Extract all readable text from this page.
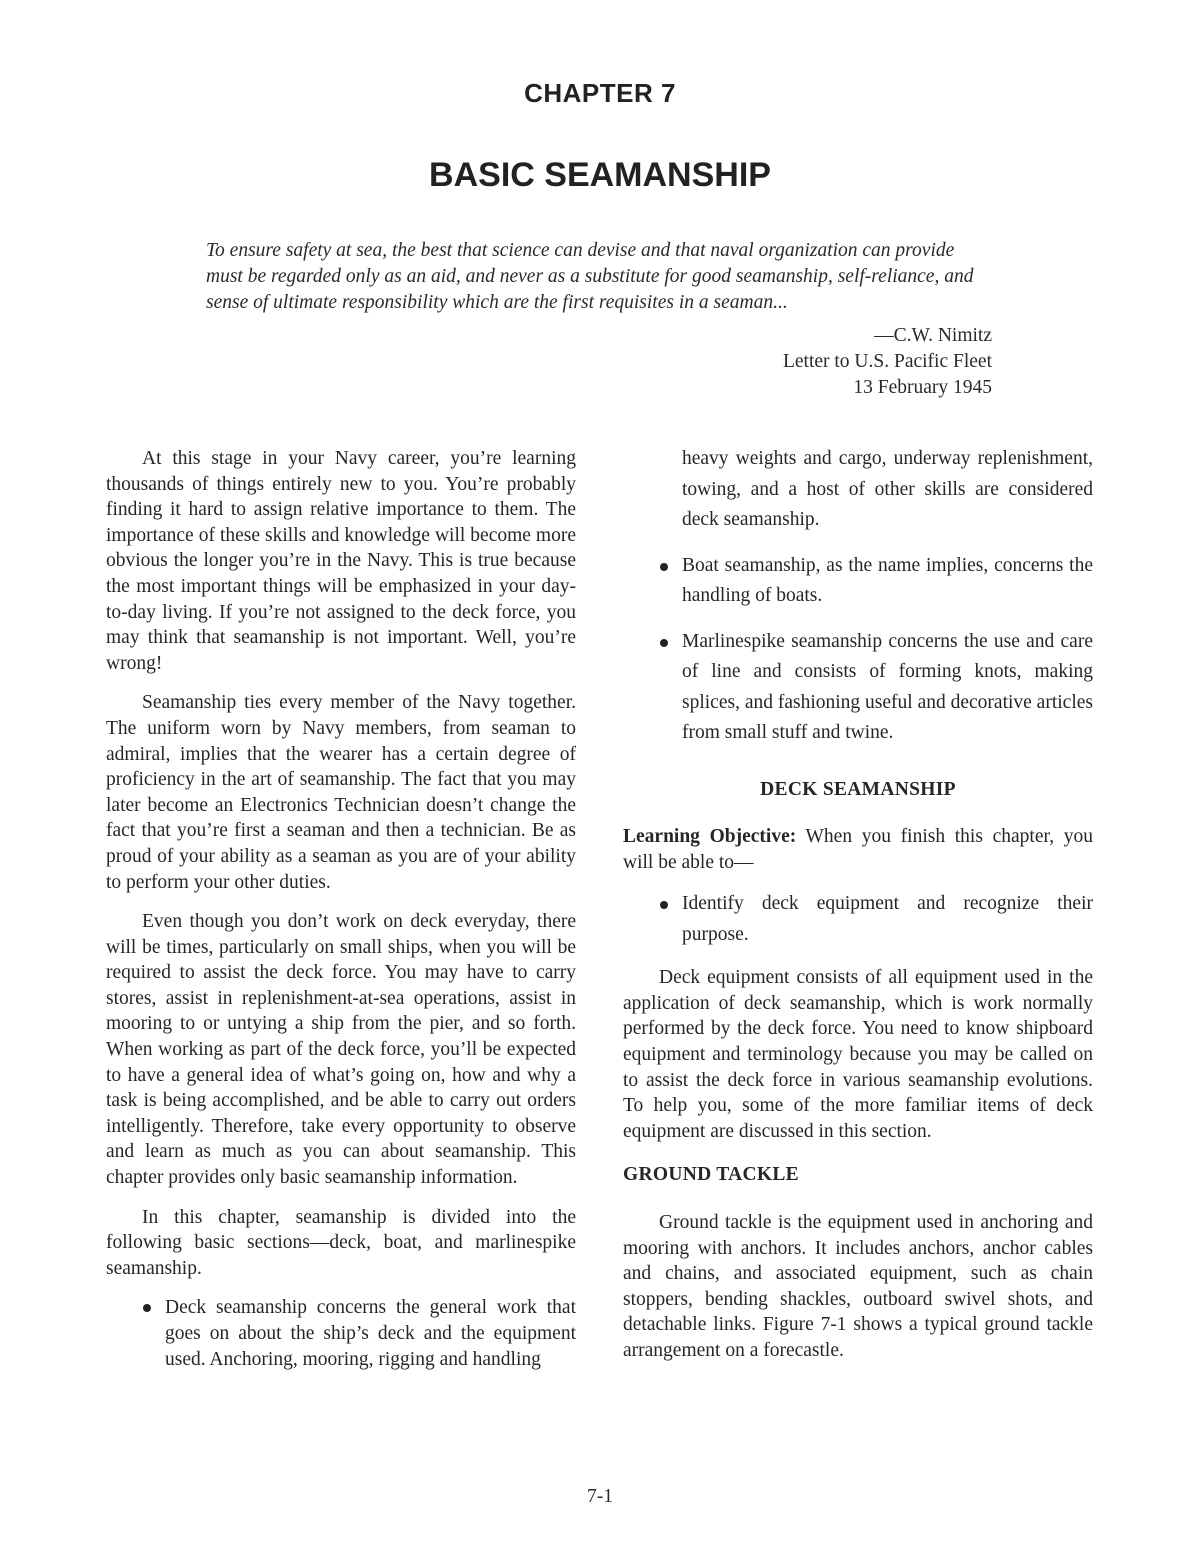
CHAPTER 7
BASIC SEAMANSHIP
To ensure safety at sea, the best that science can devise and that naval organization can provide must be regarded only as an aid, and never as a substitute for good seamanship, self-reliance, and sense of ultimate responsibility which are the first requisites in a seaman...
—C.W. Nimitz
Letter to U.S. Pacific Fleet
13 February 1945

At this stage in your Navy career, you’re learning thousands of things entirely new to you. You’re probably finding it hard to assign relative importance to them. The importance of these skills and knowledge will become more obvious the longer you’re in the Navy. This is true because the most important things will be emphasized in your day-to-day living. If you’re not assigned to the deck force, you may think that seamanship is not important. Well, you’re wrong!

Seamanship ties every member of the Navy together. The uniform worn by Navy members, from seaman to admiral, implies that the wearer has a certain degree of proficiency in the art of seamanship. The fact that you may later become an Electronics Technician doesn’t change the fact that you’re first a seaman and then a technician. Be as proud of your ability as a seaman as you are of your ability to perform your other duties.

Even though you don’t work on deck everyday, there will be times, particularly on small ships, when you will be required to assist the deck force. You may have to carry stores, assist in replenishment-at-sea operations, assist in mooring to or untying a ship from the pier, and so forth. When working as part of the deck force, you’ll be expected to have a general idea of what’s going on, how and why a task is being accomplished, and be able to carry out orders intelligently. Therefore, take every opportunity to observe and learn as much as you can about seamanship. This chapter provides only basic seamanship information.

In this chapter, seamanship is divided into the following basic sections—deck, boat, and marlinespike seamanship.

Deck seamanship concerns the general work that goes on about the ship’s deck and the equipment used. Anchoring, mooring, rigging and handling
heavy weights and cargo, underway replenishment, towing, and a host of other skills are considered deck seamanship.
Boat seamanship, as the name implies, concerns the handling of boats.
Marlinespike seamanship concerns the use and care of line and consists of forming knots, making splices, and fashioning useful and decorative articles from small stuff and twine.
DECK SEAMANSHIP

Learning Objective: When you finish this chapter, you will be able to—

Identify deck equipment and recognize their purpose.

Deck equipment consists of all equipment used in the application of deck seamanship, which is work normally performed by the deck force. You need to know shipboard equipment and terminology because you may be called on to assist the deck force in various seamanship evolutions. To help you, some of the more familiar items of deck equipment are discussed in this section.

GROUND TACKLE

Ground tackle is the equipment used in anchoring and mooring with anchors. It includes anchors, anchor cables and chains, and associated equipment, such as chain stoppers, bending shackles, outboard swivel shots, and detachable links. Figure 7-1 shows a typical ground tackle arrangement on a forecastle.

7-1
